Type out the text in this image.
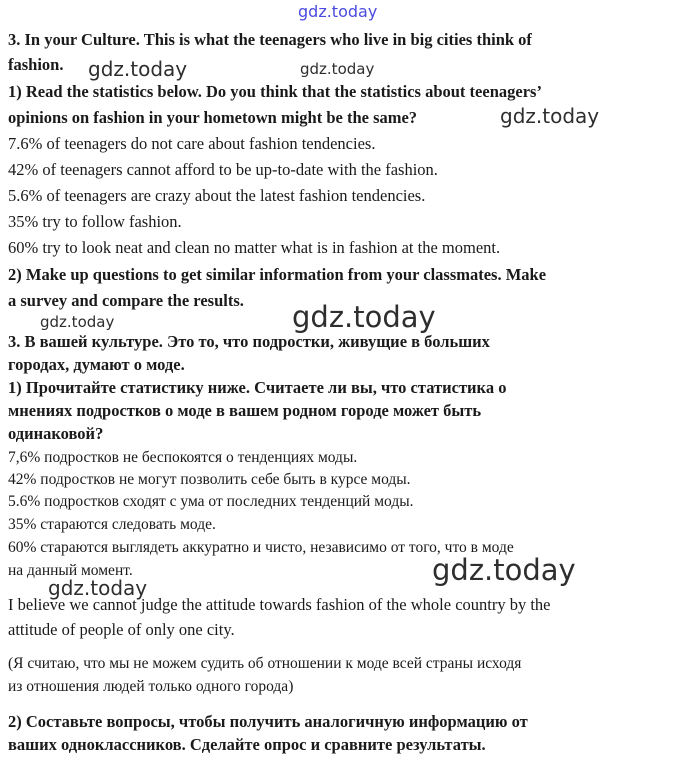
gdz.today
gdz.today	gdz.today
gdz.today
gdz.today
gdz.today
gdz.today
gdz.today
3. In your Culture. This is what the teenagers who live in big cities think of
fashion.
1) Read the statistics below. Do you think that the statistics about teenagers’
opinions on fashion in your hometown might be the same?
7.6% of teenagers do not care about fashion tendencies.
42% of teenagers cannot afford to be up-to-date with the fashion.
5.6% of teenagers are crazy about the latest fashion tendencies.
35% try to follow fashion.
60% try to look neat and clean no matter what is in fashion at the moment.
2) Make up questions to get similar information from your classmates. Make
a survey and compare the results.
3. В вашей культуре. Это то, что подростки, живущие в больших
городах, думают о моде.
1) Прочитайте статистику ниже. Считаете ли вы, что статистика о
мнениях подростков о моде в вашем родном городе может быть
одинаковой?
7,6% подростков не беспокоятся о тенденциях моды.
42% подростков не могут позволить себе быть в курсе моды.
5.6% подростков сходят с ума от последних тенденций моды.
35% стараются следовать моде.
60% стараются выглядеть аккуратно и чисто, независимо от того, что в моде
на данный момент.
I believe we cannot judge the attitude towards fashion of the whole country by the
attitude of people of only one city.
(Я считаю, что мы не можем судить об отношении к моде всей страны исходя
из отношения людей только одного города)
2) Составьте вопросы, чтобы получить аналогичную информацию от
ваших одноклассников. Сделайте опрос и сравните результаты.
